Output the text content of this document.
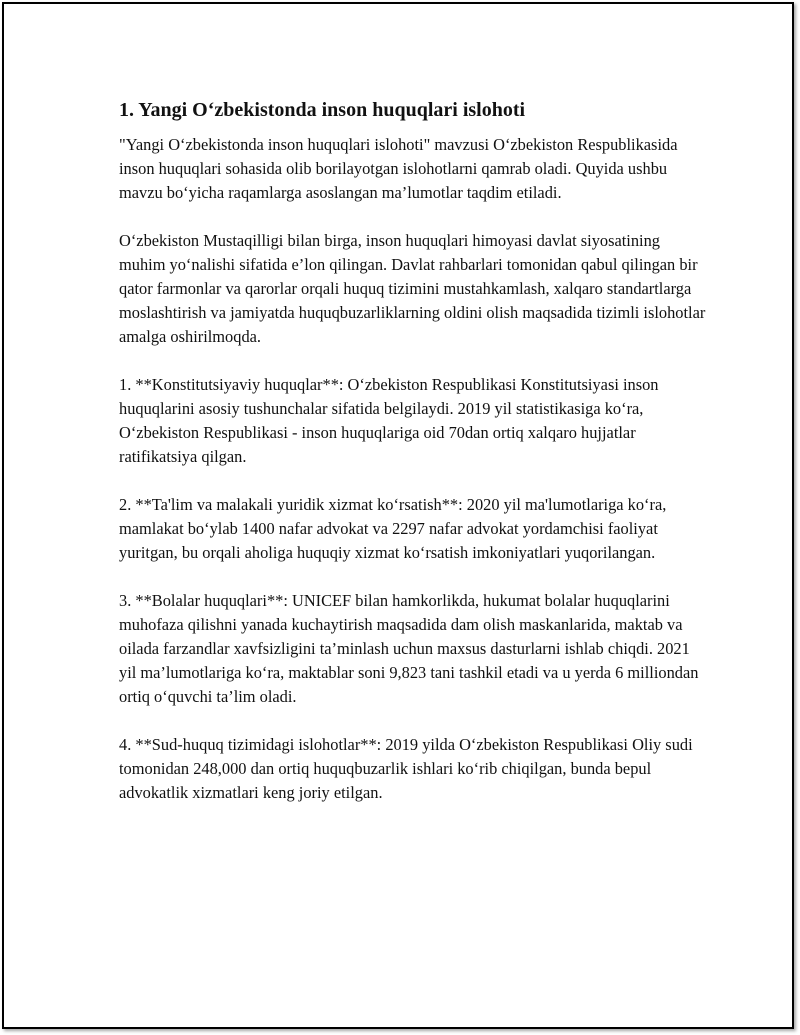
1. Yangi O‘zbekistonda inson huquqlari islohoti

"Yangi O‘zbekistonda inson huquqlari islohoti" mavzusi O‘zbekiston Respublikasida inson huquqlari sohasida olib borilayotgan islohotlarni qamrab oladi. Quyida ushbu mavzu bo‘yicha raqamlarga asoslangan ma’lumotlar taqdim etiladi.

O‘zbekiston Mustaqilligi bilan birga, inson huquqlari himoyasi davlat siyosatining muhim yo‘nalishi sifatida e’lon qilingan. Davlat rahbarlari tomonidan qabul qilingan bir qator farmonlar va qarorlar orqali huquq tizimini mustahkamlash, xalqaro standartlarga moslashtirish va jamiyatda huquqbuzarliklarning oldini olish maqsadida tizimli islohotlar amalga oshirilmoqda.

1. **Konstitutsiyaviy huquqlar**: O‘zbekiston Respublikasi Konstitutsiyasi inson huquqlarini asosiy tushunchalar sifatida belgilaydi. 2019 yil statistikasiga ko‘ra, O‘zbekiston Respublikasi - inson huquqlariga oid 70dan ortiq xalqaro hujjatlar ratifikatsiya qilgan.

2. **Ta'lim va malakali yuridik xizmat ko‘rsatish**: 2020 yil ma'lumotlariga ko‘ra, mamlakat bo‘ylab 1400 nafar advokat va 2297 nafar advokat yordamchisi faoliyat yuritgan, bu orqali aholiga huquqiy xizmat ko‘rsatish imkoniyatlari yuqorilangan.

3. **Bolalar huquqlari**: UNICEF bilan hamkorlikda, hukumat bolalar huquqlarini muhofaza qilishni yanada kuchaytirish maqsadida dam olish maskanlarida, maktab va oilada farzandlar xavfsizligini ta’minlash uchun maxsus dasturlarni ishlab chiqdi. 2021 yil ma’lumotlariga ko‘ra, maktablar soni 9,823 tani tashkil etadi va u yerda 6 milliondan ortiq o‘quvchi ta’lim oladi.

4. **Sud-huquq tizimidagi islohotlar**: 2019 yilda O‘zbekiston Respublikasi Oliy sudi tomonidan 248,000 dan ortiq huquqbuzarlik ishlari ko‘rib chiqilgan, bunda bepul advokatlik xizmatlari keng joriy etilgan.
